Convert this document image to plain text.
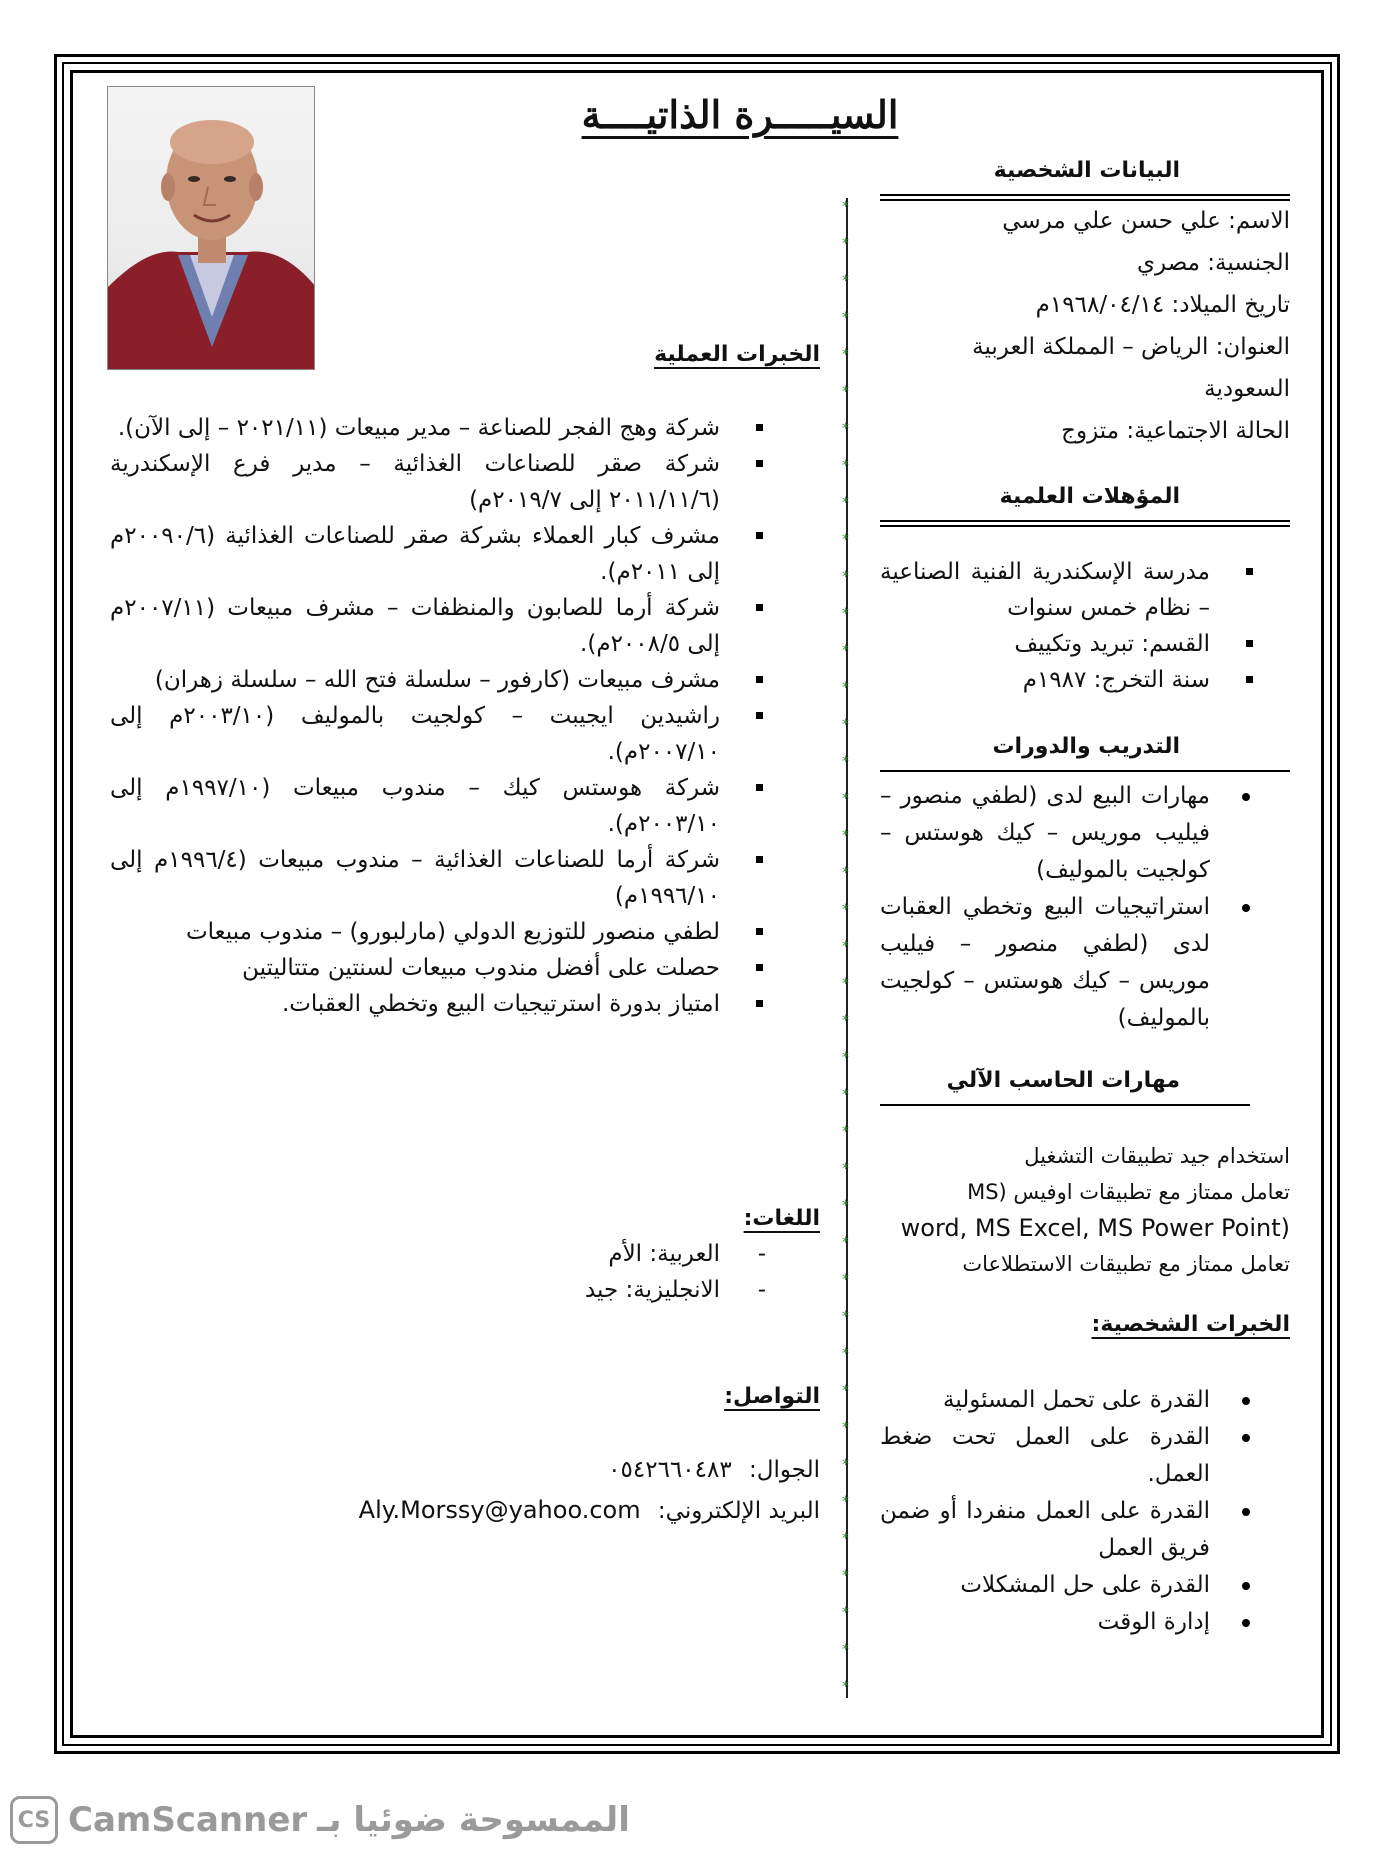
السيـــــرة الذاتيــــة
*
*
*
*
*
*
*
*
*
*
*
*
*
*
*
*
*
*
*
*
*
*
*
*
*
*
*
*
*
*
*
*
*
*
*
*
*
*
*
*
*
البيانات الشخصية
الاسم: علي حسن علي مرسي
الجنسية: مصري
تاريخ الميلاد: ١٩٦٨/٠٤/١٤م
العنوان: الرياض – المملكة العربية السعودية
الحالة الاجتماعية: متزوج
المؤهلات العلمية
مدرسة الإسكندرية الفنية الصناعية – نظام خمس سنوات
القسم: تبريد وتكييف
سنة التخرج: ١٩٨٧م
التدريب والدورات
مهارات البيع لدى (لطفي منصور – فيليب موريس – كيك هوستس – كولجيت بالموليف)
استراتيجيات البيع وتخطي العقبات لدى (لطفي منصور – فيليب موريس – كيك هوستس – كولجيت بالموليف)
مهارات الحاسب الآلي
استخدام جيد تطبيقات التشغيل
تعامل ممتاز مع تطبيقات اوفيس (MS
word, MS Excel, MS Power Point)
تعامل ممتاز مع تطبيقات الاستطلاعات
الخبرات الشخصية:
القدرة على تحمل المسئولية
القدرة على العمل تحت ضغط العمل.
القدرة على العمل منفردا أو ضمن فريق العمل
القدرة على حل المشكلات
إدارة الوقت
الخبرات العملية
شركة وهج الفجر للصناعة – مدير مبيعات (٢٠٢١/١١ – إلى الآن).
شركة صقر للصناعات الغذائية – مدير فرع الإسكندرية (٢٠١١/١١/٦ إلى ٢٠١٩/٧م)
مشرف كبار العملاء بشركة صقر للصناعات الغذائية (٢٠٠٩٠/٦م إلى ٢٠١١م).
شركة أرما للصابون والمنظفات – مشرف مبيعات (٢٠٠٧/١١م إلى ٢٠٠٨/٥م).
مشرف مبيعات (كارفور – سلسلة فتح الله – سلسلة زهران)
راشيدين ايجيبت – كولجيت بالموليف (٢٠٠٣/١٠م إلى ٢٠٠٧/١٠م).
شركة هوستس كيك – مندوب مبيعات (١٩٩٧/١٠م إلى ٢٠٠٣/١٠م).
شركة أرما للصناعات الغذائية – مندوب مبيعات (١٩٩٦/٤م إلى ١٩٩٦/١٠م)
لطفي منصور للتوزيع الدولي (مارلبورو) – مندوب مبيعات
حصلت على أفضل مندوب مبيعات لسنتين متتاليتين
امتياز بدورة استرتيجيات البيع وتخطي العقبات.
اللغات:
- العربية: الأم
- الانجليزية: جيد
التواصل:
الجوال: ٠٥٤٢٦٦٠٤٨٣
البريد الإلكتروني: Aly.Morssy@yahoo.com
CS CamScanner الممسوحة ضوئيا بـ
